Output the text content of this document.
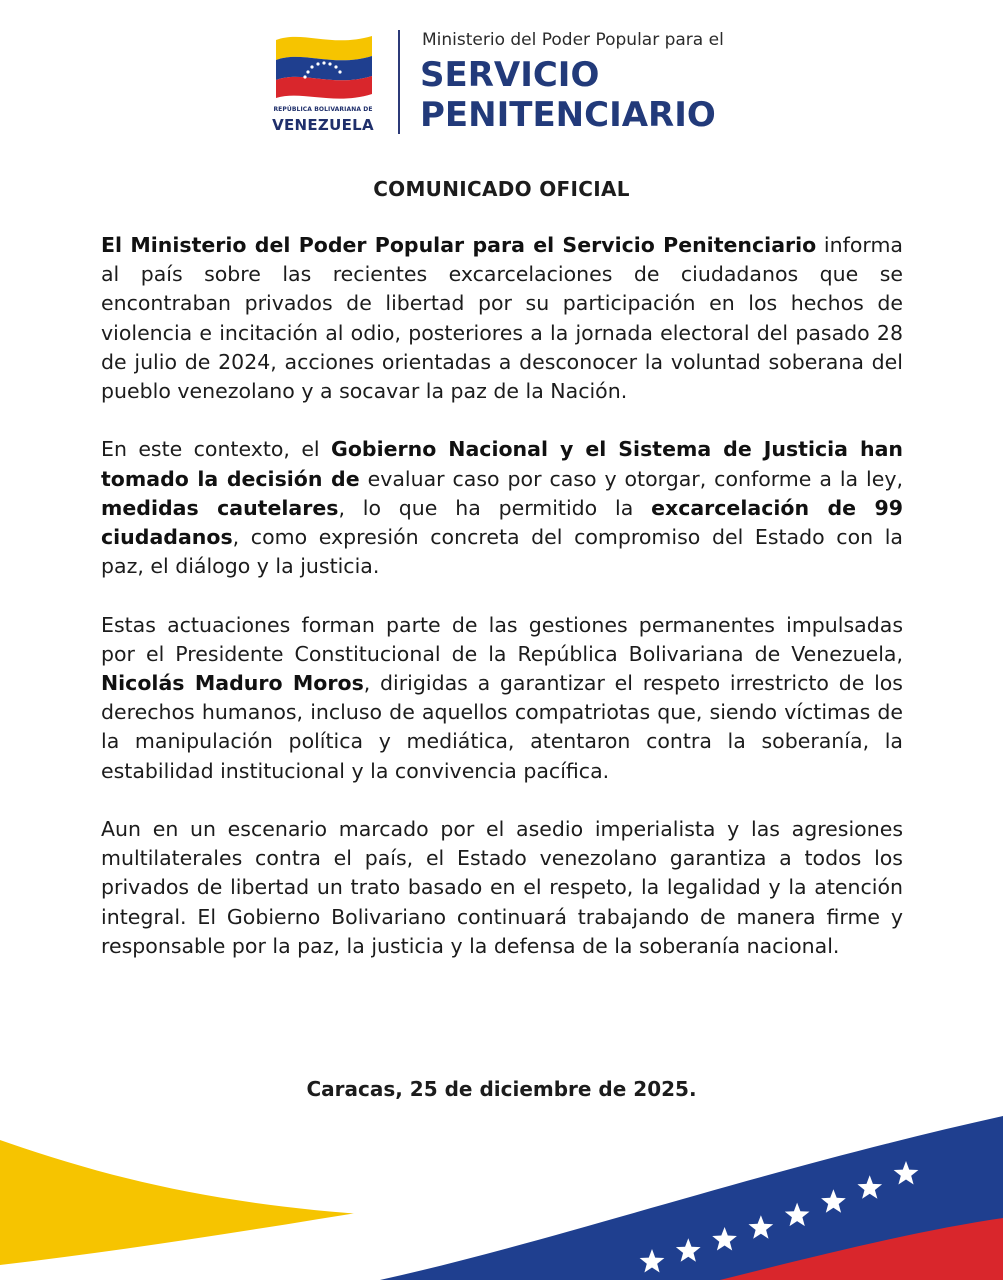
REPÚBLICA BOLIVARIANA DE
VENEZUELA
Ministerio del Poder Popular para el
SERVICIO
PENITENCIARIO
COMUNICADO OFICIAL

El Ministerio del Poder Popular para el Servicio Penitenciario informa al país sobre las recientes excarcelaciones de ciudadanos que se encontraban privados de libertad por su participación en los hechos de violencia e incitación al odio, posteriores a la jornada electoral del pasado 28 de julio de 2024, acciones orientadas a desconocer la voluntad soberana del pueblo venezolano y a socavar la paz de la Nación.

En este contexto, el Gobierno Nacional y el Sistema de Justicia han tomado la decisión de evaluar caso por caso y otorgar, conforme a la ley, medidas cautelares, lo que ha permitido la excarcelación de 99 ciudadanos, como expresión concreta del compromiso del Estado con la paz, el diálogo y la justicia.

Estas actuaciones forman parte de las gestiones permanentes impulsadas por el Presidente Constitucional de la República Bolivariana de Venezuela, Nicolás Maduro Moros, dirigidas a garantizar el respeto irrestricto de los derechos humanos, incluso de aquellos compatriotas que, siendo víctimas de la manipulación política y mediática, atentaron contra la soberanía, la estabilidad institucional y la convivencia pacífica.

Aun en un escenario marcado por el asedio imperialista y las agresiones multilaterales contra el país, el Estado venezolano garantiza a todos los privados de libertad un trato basado en el respeto, la legalidad y la atención integral. El Gobierno Bolivariano continuará trabajando de manera firme y responsable por la paz, la justicia y la defensa de la soberanía nacional.

Caracas, 25 de diciembre de 2025.
